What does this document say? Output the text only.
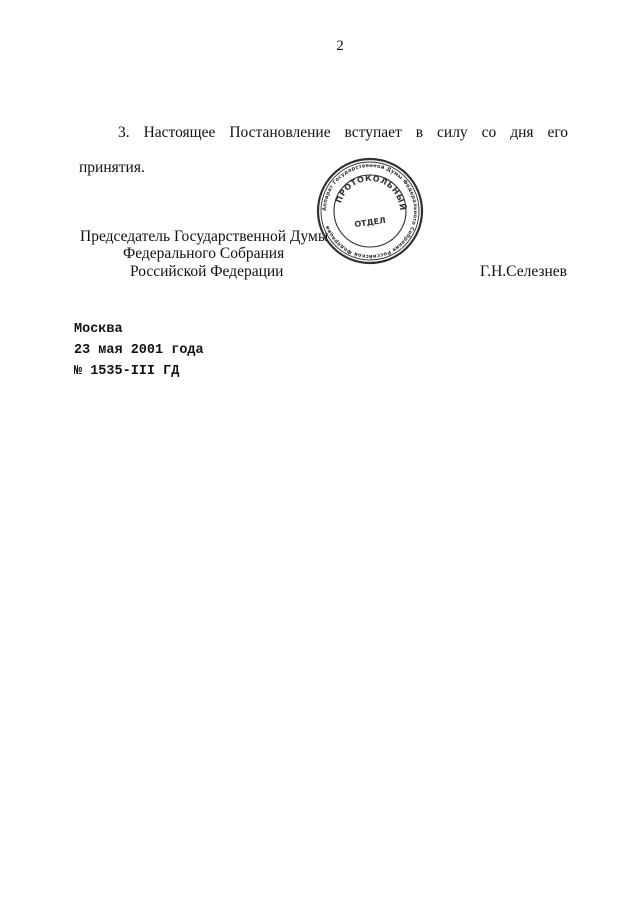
2
3. Настоящее Постановление вступает в силу со дня его
принятия.
Председатель Государственной Думы
Федерального Собрания
Российской Федерации	Г.Н.Селезнев
Аппарат Государственной Думы Федерального Собрания Российской Федерации
ПРОТОКОЛЬНЫЙ
ОТДЕЛ
Москва
23 мая 2001 года
№ 1535-III ГД
